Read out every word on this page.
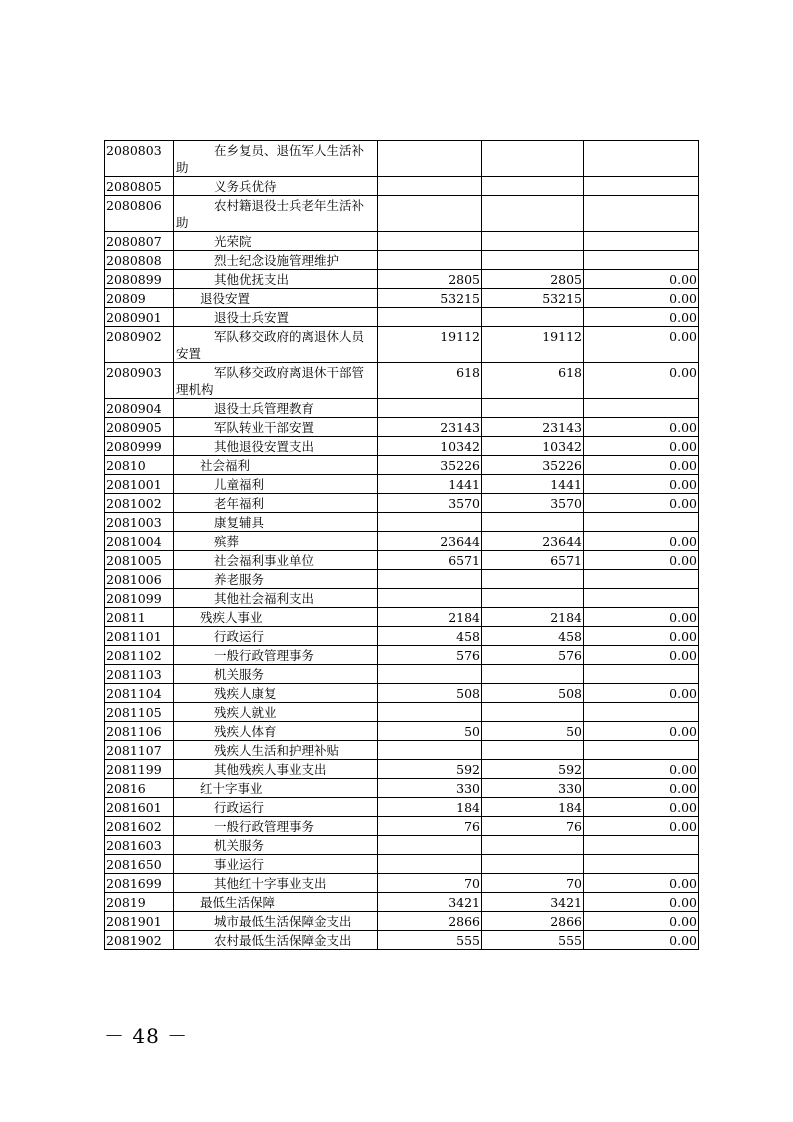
2080803	在乡复员、退伍军人生活补助			
2080805	义务兵优待			
2080806	农村籍退役士兵老年生活补助			
2080807	光荣院			
2080808	烈士纪念设施管理维护			
2080899	其他优抚支出	2805	2805	0.00
20809	退役安置	53215	53215	0.00
2080901	退役士兵安置			0.00
2080902	军队移交政府的离退休人员安置	19112	19112	0.00
2080903	军队移交政府离退休干部管理机构	618	618	0.00
2080904	退役士兵管理教育			
2080905	军队转业干部安置	23143	23143	0.00
2080999	其他退役安置支出	10342	10342	0.00
20810	社会福利	35226	35226	0.00
2081001	儿童福利	1441	1441	0.00
2081002	老年福利	3570	3570	0.00
2081003	康复辅具			
2081004	殡葬	23644	23644	0.00
2081005	社会福利事业单位	6571	6571	0.00
2081006	养老服务			
2081099	其他社会福利支出			
20811	残疾人事业	2184	2184	0.00
2081101	行政运行	458	458	0.00
2081102	一般行政管理事务	576	576	0.00
2081103	机关服务			
2081104	残疾人康复	508	508	0.00
2081105	残疾人就业			
2081106	残疾人体育	50	50	0.00
2081107	残疾人生活和护理补贴			
2081199	其他残疾人事业支出	592	592	0.00
20816	红十字事业	330	330	0.00
2081601	行政运行	184	184	0.00
2081602	一般行政管理事务	76	76	0.00
2081603	机关服务			
2081650	事业运行			
2081699	其他红十字事业支出	70	70	0.00
20819	最低生活保障	3421	3421	0.00
2081901	城市最低生活保障金支出	2866	2866	0.00
2081902	农村最低生活保障金支出	555	555	0.00
－ 48 －
